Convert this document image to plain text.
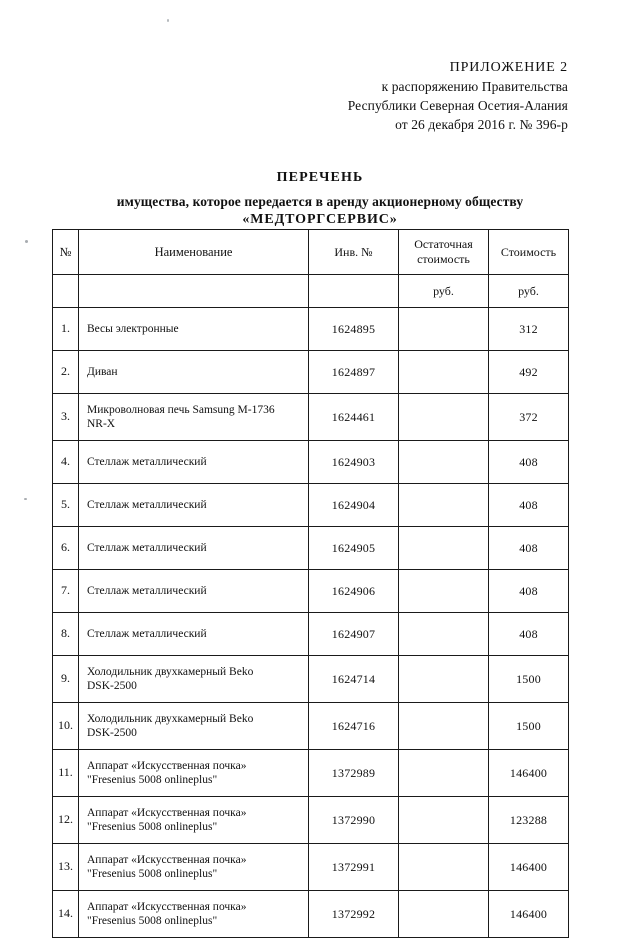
ПРИЛОЖЕНИЕ 2
к распоряжению Правительства
Республики Северная Осетия-Алания
от 26 декабря 2016 г. № 396-р
ПЕРЕЧЕНЬ
имущества, которое передается в аренду акционерному обществу
«МЕДТОРГСЕРВИС»
№	Наименование	Инв. №	Остаточная
стоимость	Стоимость
			руб.	руб.
1.	Весы электронные	1624895		312
2.	Диван	1624897		492
3.	Микроволновая печь Samsung M-1736
NR-X	1624461		372
4.	Стеллаж металлический	1624903		408
5.	Стеллаж металлический	1624904		408
6.	Стеллаж металлический	1624905		408
7.	Стеллаж металлический	1624906		408
8.	Стеллаж металлический	1624907		408
9.	Холодильник двухкамерный Beko
DSK-2500	1624714		1500
10.	Холодильник двухкамерный Beko
DSK-2500	1624716		1500
11.	Аппарат «Искусственная почка»
"Fresenius 5008 onlineplus"	1372989		146400
12.	Аппарат «Искусственная почка»
"Fresenius 5008 onlineplus"	1372990		123288
13.	Аппарат «Искусственная почка»
"Fresenius 5008 onlineplus"	1372991		146400
14.	Аппарат «Искусственная почка»
"Fresenius 5008 onlineplus"	1372992		146400
